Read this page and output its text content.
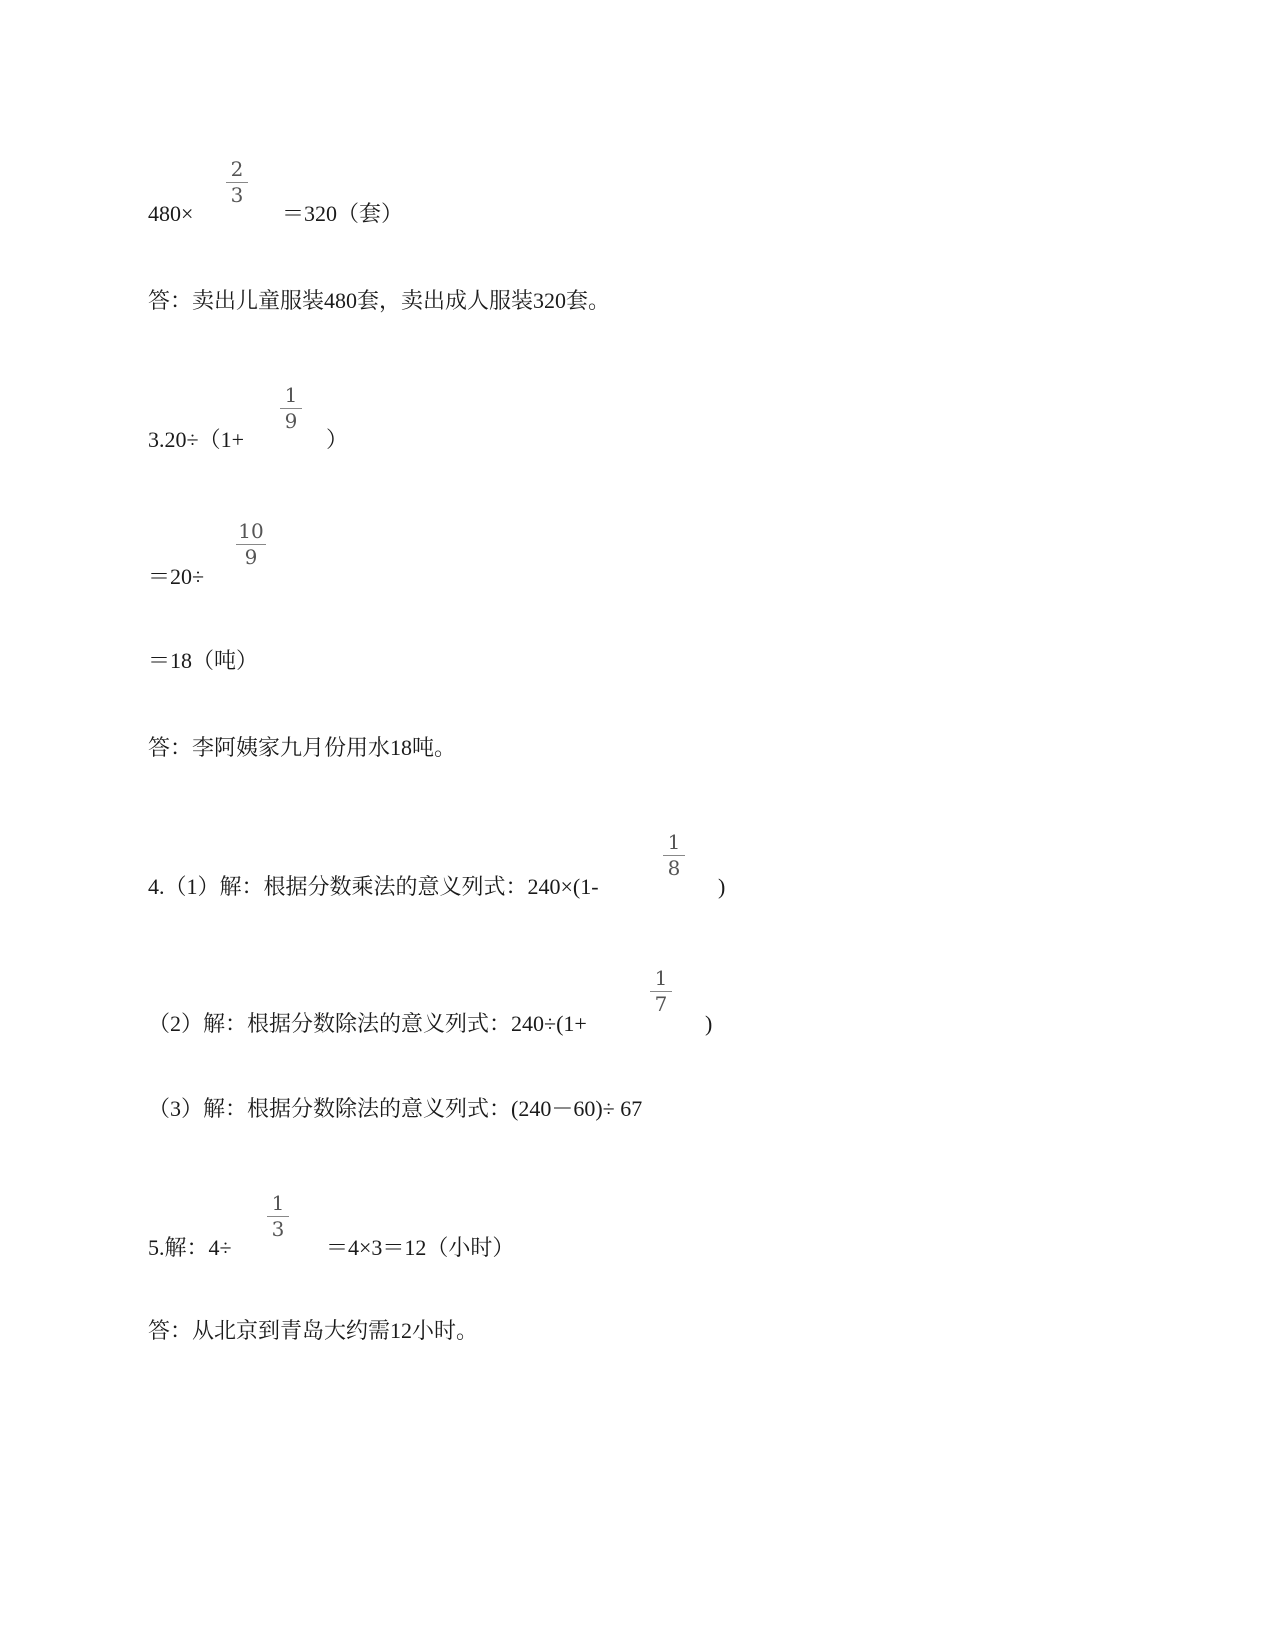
480×
2
3
＝320（套）
答：卖出儿童服装480套，卖出成人服装320套。
3.20÷（1+
1
9
）
＝20÷
10
9
＝18（吨）
答：李阿姨家九月份用水18吨。
4.（1）解：根据分数乘法的意义列式：240×(1-
1
8
)
（2）解：根据分数除法的意义列式：240÷(1+
1
7
)
（3）解：根据分数除法的意义列式：(240－60)÷ 67
5.解：4÷
1
3
＝4×3＝12（小时）
答：从北京到青岛大约需12小时。
